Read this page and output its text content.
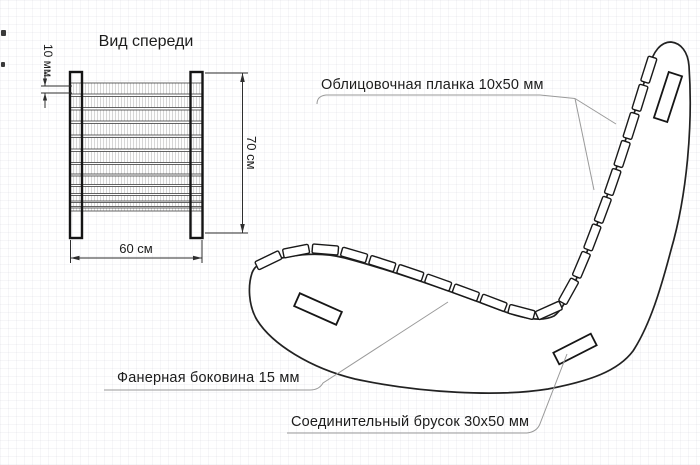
Вид спереди
60 см
70 см
10 мм
Облицовочная планка 10x50 мм
Фанерная боковина 15 мм
Соединительный брусок 30x50 мм
